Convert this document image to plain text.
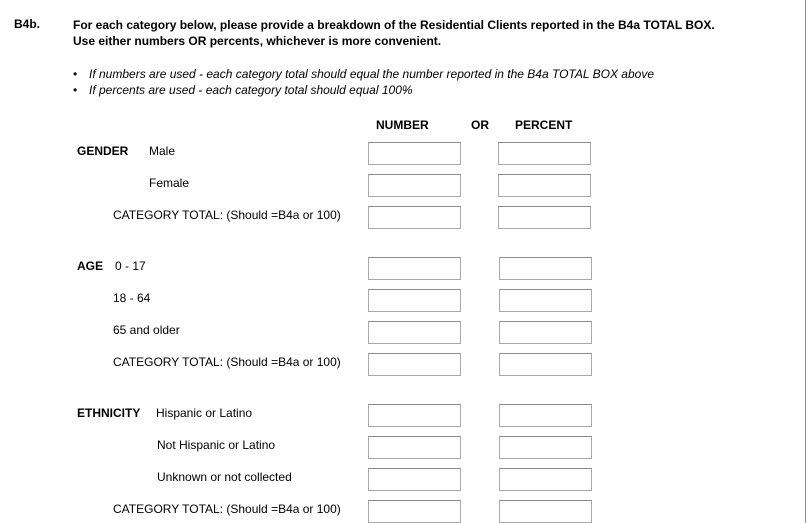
B4b.	For each category below, please provide a breakdown of the Residential Clients reported in the B4a TOTAL BOX.
Use either numbers OR percents, whichever is more convenient.
• If numbers are used - each category total should equal the number reported in the B4a TOTAL BOX above
• If percents are used - each category total should equal 100%
NUMBER	OR PERCENT
GENDER Male
Female
CATEGORY TOTAL: (Should =B4a or 100)
AGE 0 - 17
18 - 64
65 and older
CATEGORY TOTAL: (Should =B4a or 100)
ETHNICITY Hispanic or Latino
Not Hispanic or Latino
Unknown or not collected
CATEGORY TOTAL: (Should =B4a or 100)
